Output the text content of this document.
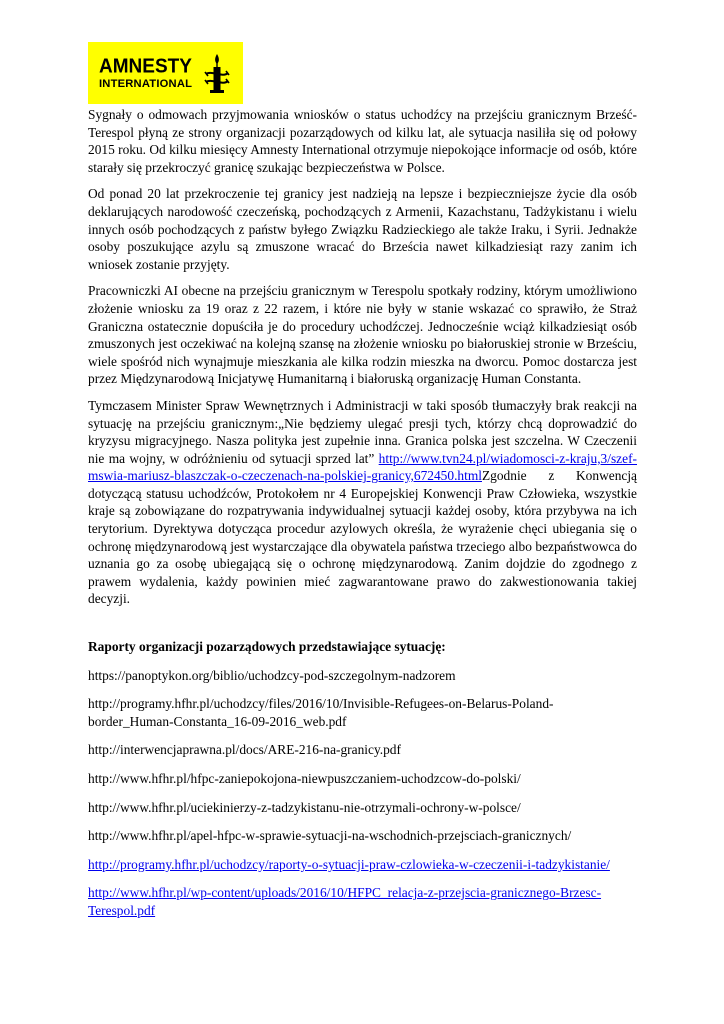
AMNESTY
INTERNATIONAL

Sygnały o odmowach przyjmowania wniosków o status uchodźcy na przejściu granicznym Brześć-Terespol płyną ze strony organizacji pozarządowych od kilku lat, ale sytuacja nasiliła się od połowy 2015 roku. Od kilku miesięcy Amnesty International otrzymuje niepokojące informacje od osób, które starały się przekroczyć granicę szukając bezpieczeństwa w Polsce.

Od ponad 20 lat przekroczenie tej granicy jest nadzieją na lepsze i bezpieczniejsze życie dla osób deklarujących narodowość czeczeńską, pochodzących z Armenii, Kazachstanu, Tadżykistanu i wielu innych osób pochodzących z państw byłego Związku Radzieckiego ale także Iraku, i Syrii. Jednakże osoby poszukujące azylu są zmuszone wracać do Brześcia nawet kilkadziesiąt razy zanim ich wniosek zostanie przyjęty.

Pracowniczki AI obecne na przejściu granicznym w Terespolu spotkały rodziny, którym umożliwiono złożenie wniosku za 19 oraz z 22 razem, i które nie były w stanie wskazać co sprawiło, że Straż Graniczna ostatecznie dopuściła je do procedury uchodźczej. Jednocześnie wciąż kilkadziesiąt osób zmuszonych jest oczekiwać na kolejną szansę na złożenie wniosku po białoruskiej stronie w Brześciu, wiele spośród nich wynajmuje mieszkania ale kilka rodzin mieszka na dworcu. Pomoc dostarcza jest przez Międzynarodową Inicjatywę Humanitarną i białoruską organizację Human Constanta.

Tymczasem Minister Spraw Wewnętrznych i Administracji w taki sposób tłumaczyły brak reakcji na sytuację na przejściu granicznym:„Nie będziemy ulegać presji tych, którzy chcą doprowadzić do kryzysu migracyjnego. Nasza polityka jest zupełnie inna. Granica polska jest szczelna. W Czeczenii nie ma wojny, w odróżnieniu od sytuacji sprzed lat” http://www.tvn24.pl/wiadomosci-z-kraju,3/szef-mswia-mariusz-blaszczak-o-czeczenach-na-polskiej-granicy,672450.htmlZgodnie z Konwencją dotyczącą statusu uchodźców, Protokołem nr 4 Europejskiej Konwencji Praw Człowieka, wszystkie kraje są zobowiązane do rozpatrywania indywidualnej sytuacji każdej osoby, która przybywa na ich terytorium. Dyrektywa dotycząca procedur azylowych określa, że wyrażenie chęci ubiegania się o ochronę międzynarodową jest wystarczające dla obywatela państwa trzeciego albo bezpaństwowca do uznania go za osobę ubiegającą się o ochronę międzynarodową. Zanim dojdzie do zgodnego z prawem wydalenia, każdy powinien mieć zagwarantowane prawo do zakwestionowania takiej decyzji.

Raporty organizacji pozarządowych przedstawiające sytuację:

https://panoptykon.org/biblio/uchodzcy-pod-szczegolnym-nadzorem

http://programy.hfhr.pl/uchodzcy/files/2016/10/Invisible-Refugees-on-Belarus-Poland-border_Human-Constanta_16-09-2016_web.pdf

http://interwencjaprawna.pl/docs/ARE-216-na-granicy.pdf

http://www.hfhr.pl/hfpc-zaniepokojona-niewpuszczaniem-uchodzcow-do-polski/

http://www.hfhr.pl/uciekinierzy-z-tadzykistanu-nie-otrzymali-ochrony-w-polsce/

http://www.hfhr.pl/apel-hfpc-w-sprawie-sytuacji-na-wschodnich-przejsciach-granicznych/

http://programy.hfhr.pl/uchodzcy/raporty-o-sytuacji-praw-czlowieka-w-czeczenii-i-tadzykistanie/

http://www.hfhr.pl/wp-content/uploads/2016/10/HFPC_relacja-z-przejscia-granicznego-Brzesc-Terespol.pdf
